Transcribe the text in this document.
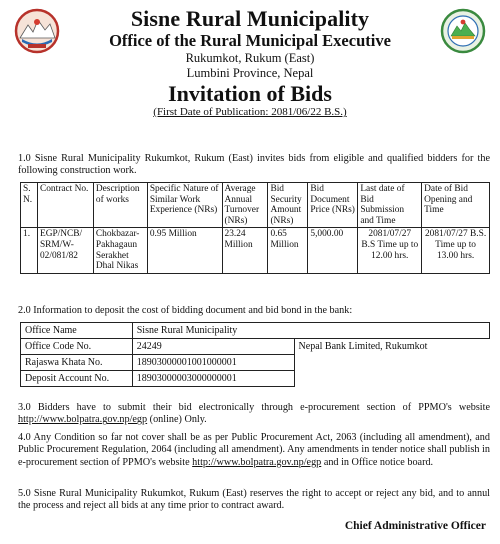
Sisne Rural Municipality
Office of the Rural Municipal Executive
Rukumkot, Rukum (East)
Lumbini Province, Nepal
Invitation of Bids
(First Date of Publication: 2081/06/22 B.S.)
1.0 Sisne Rural Municipality Rukumkot, Rukum (East) invites bids from eligible and qualified bidders for the following construction work.
S. N.	Contract No.	Description of works	Specific Nature of Similar Work Experience (NRs)	Average Annual Turnover (NRs)	Bid Security Amount (NRs)	Bid Document Price (NRs)	Last date of Bid Submission and Time	Date of Bid Opening and Time
1.	EGP/NCB/ SRM/W- 02/081/82	Chokbazar- Pakhagaun Serakhet Dhal Nikas	0.95 Million	23.24 Million	0.65 Million	5,000.00	2081/07/27 B.S Time up to 12.00 hrs.	2081/07/27 B.S. Time up to 13.00 hrs.
2.0 Information to deposit the cost of bidding document and bid bond in the bank:
Office Name	Sisne Rural Municipality	
Office Code No.	24249	Nepal Bank Limited, Rukumkot
Rajaswa Khata No.	18903000001001000001	
Deposit Account No.	18903000003000000001	
3.0 Bidders have to submit their bid electronically through e-procurement section of PPMO's website http://www.bolpatra.gov.np/egp (online) Only.
4.0 Any Condition so far not cover shall be as per Public Procurement Act, 2063 (including all amendment), and Public Procurement Regulation, 2064 (including all amendment). Any amendments in tender notice shall publish in e-procurement section of PPMO's website http://www.bolpatra.gov.np/egp and in Office notice board.
5.0 Sisne Rural Municipality Rukumkot, Rukum (East) reserves the right to accept or reject any bid, and to annul the process and reject all bids at any time prior to contract award.
Chief Administrative Officer
